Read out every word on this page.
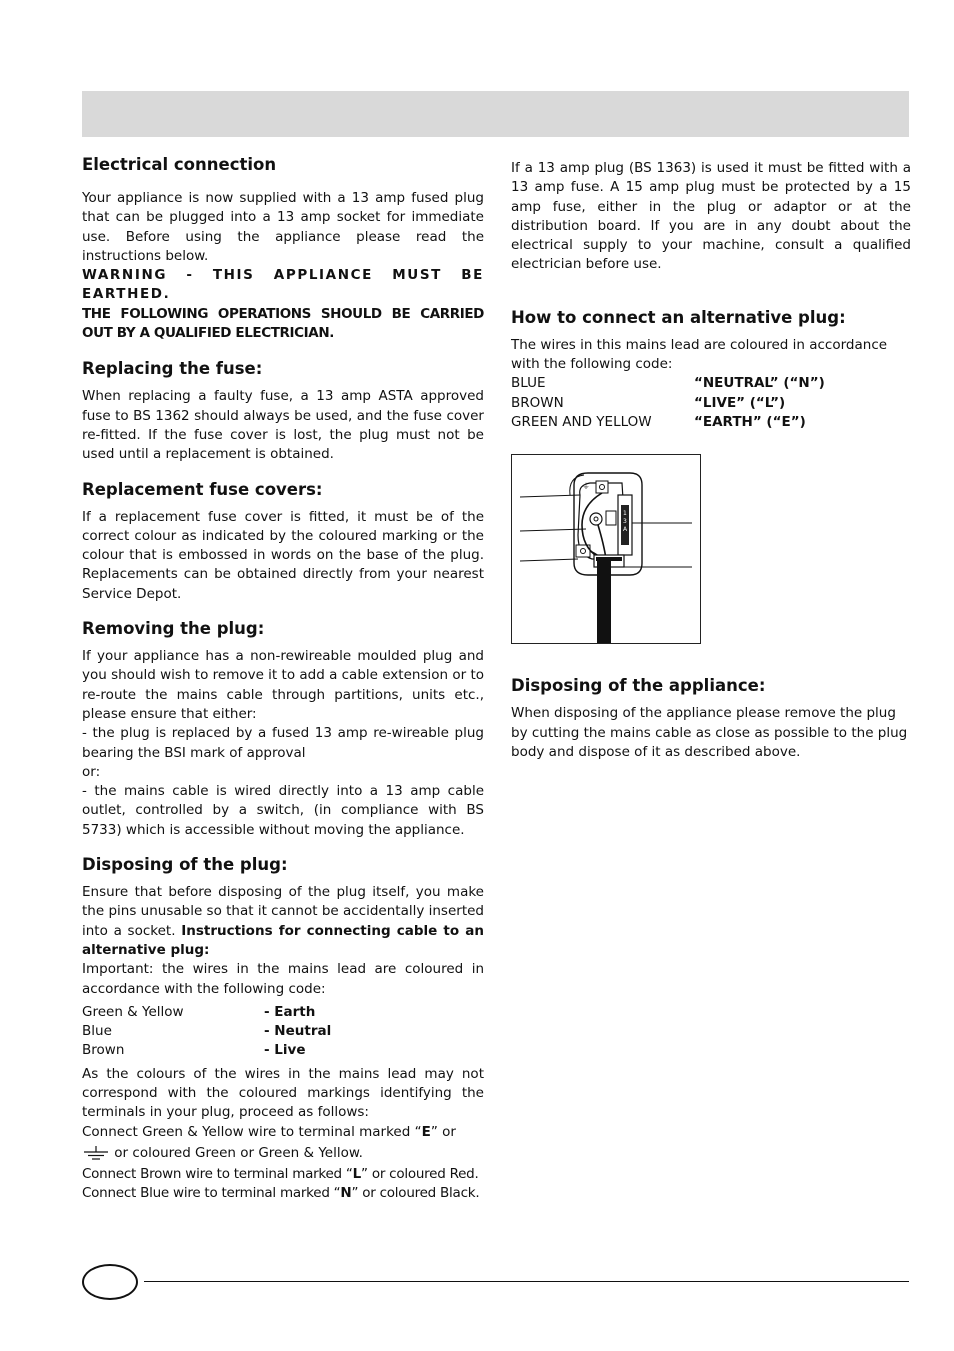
Electrical connection

Your appliance is now supplied with a 13 amp fused plug that can be plugged into a 13 amp socket for immediate use. Before using the appliance please read the instructions below.

WARNING - THIS APPLIANCE MUST BE EARTHED.
THE FOLLOWING OPERATIONS SHOULD BE CARRIED OUT BY A QUALIFIED ELECTRICIAN.
Replacing the fuse:

When replacing a faulty fuse, a 13 amp ASTA approved fuse to BS 1362 should always be used, and the fuse cover re-fitted. If the fuse cover is lost, the plug must not be used until a replacement is obtained.

Replacement fuse covers:

If a replacement fuse cover is fitted, it must be of the correct colour as indicated by the coloured marking or the colour that is embossed in words on the base of the plug. Replacements can be obtained directly from your nearest Service Depot.

Removing the plug:

If your appliance has a non-rewireable moulded plug and you should wish to remove it to add a cable extension or to re-route the mains cable through partitions, units etc., please ensure that either:

- the plug is replaced by a fused 13 amp re-wireable plug bearing the BSI mark of approval

or:

- the mains cable is wired directly into a 13 amp cable outlet, controlled by a switch, (in compliance with BS 5733) which is accessible without moving the appliance.

Disposing of the plug:

Ensure that before disposing of the plug itself, you make the pins unusable so that it cannot be accidentally inserted into a socket. Instructions for connecting cable to an alternative plug:

Important: the wires in the mains lead are coloured in accordance with the following code:

Green & Yellow	- Earth
Blue	- Neutral
Brown	- Live

As the colours of the wires in the mains lead may not correspond with the coloured markings identifying the terminals in your plug, proceed as follows:

Connect Green & Yellow wire to terminal marked “E” or

or coloured Green or Green & Yellow.

Connect Brown wire to terminal marked “L” or coloured Red.

Connect Blue wire to terminal marked “N” or coloured Black.

If a 13 amp plug (BS 1363) is used it must be fitted with a 13 amp fuse. A 15 amp plug must be protected by a 15 amp fuse, either in the plug or adaptor or at the distribution board. If you are in any doubt about the electrical supply to your machine, consult a qualified electrician before use.

How to connect an alternative plug:

The wires in this mains lead are coloured in accordance with the following code:

BLUE	“NEUTRAL” (“N”)
BROWN	“LIVE” (“L”)
GREEN AND YELLOW	“EARTH” (“E”)
1
3
A
⏚
Disposing of the appliance:

When disposing of the appliance please remove the plug by cutting the mains cable as close as possible to the plug body and dispose of it as described above.
